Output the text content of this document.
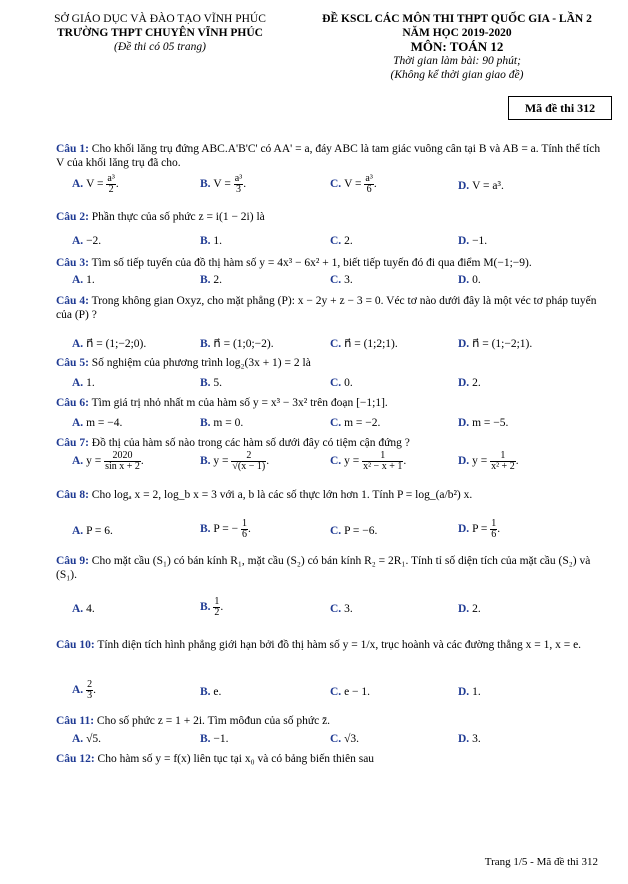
SỞ GIÁO DỤC VÀ ĐÀO TẠO VĨNH PHÚC
TRƯỜNG THPT CHUYÊN VĨNH PHÚC
(Đề thi có 05 trang)
ĐỀ KSCL CÁC MÔN THI THPT QUỐC GIA - LẦN 2
NĂM HỌC 2019-2020
MÔN: TOÁN 12
Thời gian làm bài: 90 phút;
(Không kể thời gian giao đề)
Mã đề thi 312
Câu 1: Cho khối lăng trụ đứng ABC.A'B'C' có AA' = a, đáy ABC là tam giác vuông cân tại B và AB = a. Tính thể tích V của khối lăng trụ đã cho.
A. $V = \frac{\text{a³}}{2}$ .	B. $V = \frac{\text{a³}}{3}$ .	C. $V = \frac{\text{a³}}{6}$ .	D. V = a³.
Câu 2: Phần thực của số phức z = i(1 − 2i) là
A. −2.	B. 1.	C. 2.	D. −1.
Câu 3: Tìm số tiếp tuyến của đồ thị hàm số y = 4x³ − 6x² + 1, biết tiếp tuyến đó đi qua điểm M(−1;−9).
A. 1.	B. 2.	C. 3.	D. 0.
Câu 4: Trong không gian Oxyz, cho mặt phẳng (P): x − 2y + z − 3 = 0. Véc tơ nào dưới đây là một véc tơ pháp tuyến của (P) ?
A. n⃗ = (1;−2;0).	B. n⃗ = (1;0;−2).	C. n⃗ = (1;2;1).	D. n⃗ = (1;−2;1).
Câu 5: Số nghiệm của phương trình log₂(3x + 1) = 2 là
A. 1.	B. 5.	C. 0.	D. 2.
Câu 6: Tìm giá trị nhỏ nhất m của hàm số y = x³ − 3x² trên đoạn [−1;1].
A. m = −4.	B. m = 0.	C. m = −2.	D. m = −5.
Câu 7: Đồ thị của hàm số nào trong các hàm số dưới đây có tiệm cận đứng ?
A. $y = \frac{2020}{\text{sin x + 2}}$ .	B. $y = \frac{2}{√(x - 1)}$ .	C. $y = \frac{1}{\text{x² − x + 1}}$ .	D. $y = \frac{1}{\text{x² + 2}}$ .
Câu 8: Cho logₐ x = 2, log_b x = 3 với a, b là các số thực lớn hơn 1. Tính P = log_(a/b²) x.
A. P = 6.	B. P = − $\frac{1}{6}$ .	C. P = −6.	D. $P = \frac{1}{6}$ .
Câu 9: Cho mặt cầu (S₁) có bán kính R₁, mặt cầu (S₂) có bán kính R₂ = 2R₁. Tính tỉ số diện tích của mặt cầu (S₂) và (S₁).
A. 4.	B. $\frac{1}{2}$ .	C. 3.	D. 2.
Câu 10: Tính diện tích hình phẳng giới hạn bởi đồ thị hàm số y = 1/x, trục hoành và các đường thẳng x = 1, x = e.
A. $\frac{2}{3}$ .	B. e.	C. e − 1.	D. 1.
Câu 11: Cho số phức z = 1 + 2i. Tìm môđun của số phức z̄.
A. √5.	B. −1.	C. √3.	D. 3.
Câu 12: Cho hàm số y = f(x) liên tục tại x₀ và có bảng biến thiên sau
Trang 1/5 - Mã đề thi 312
